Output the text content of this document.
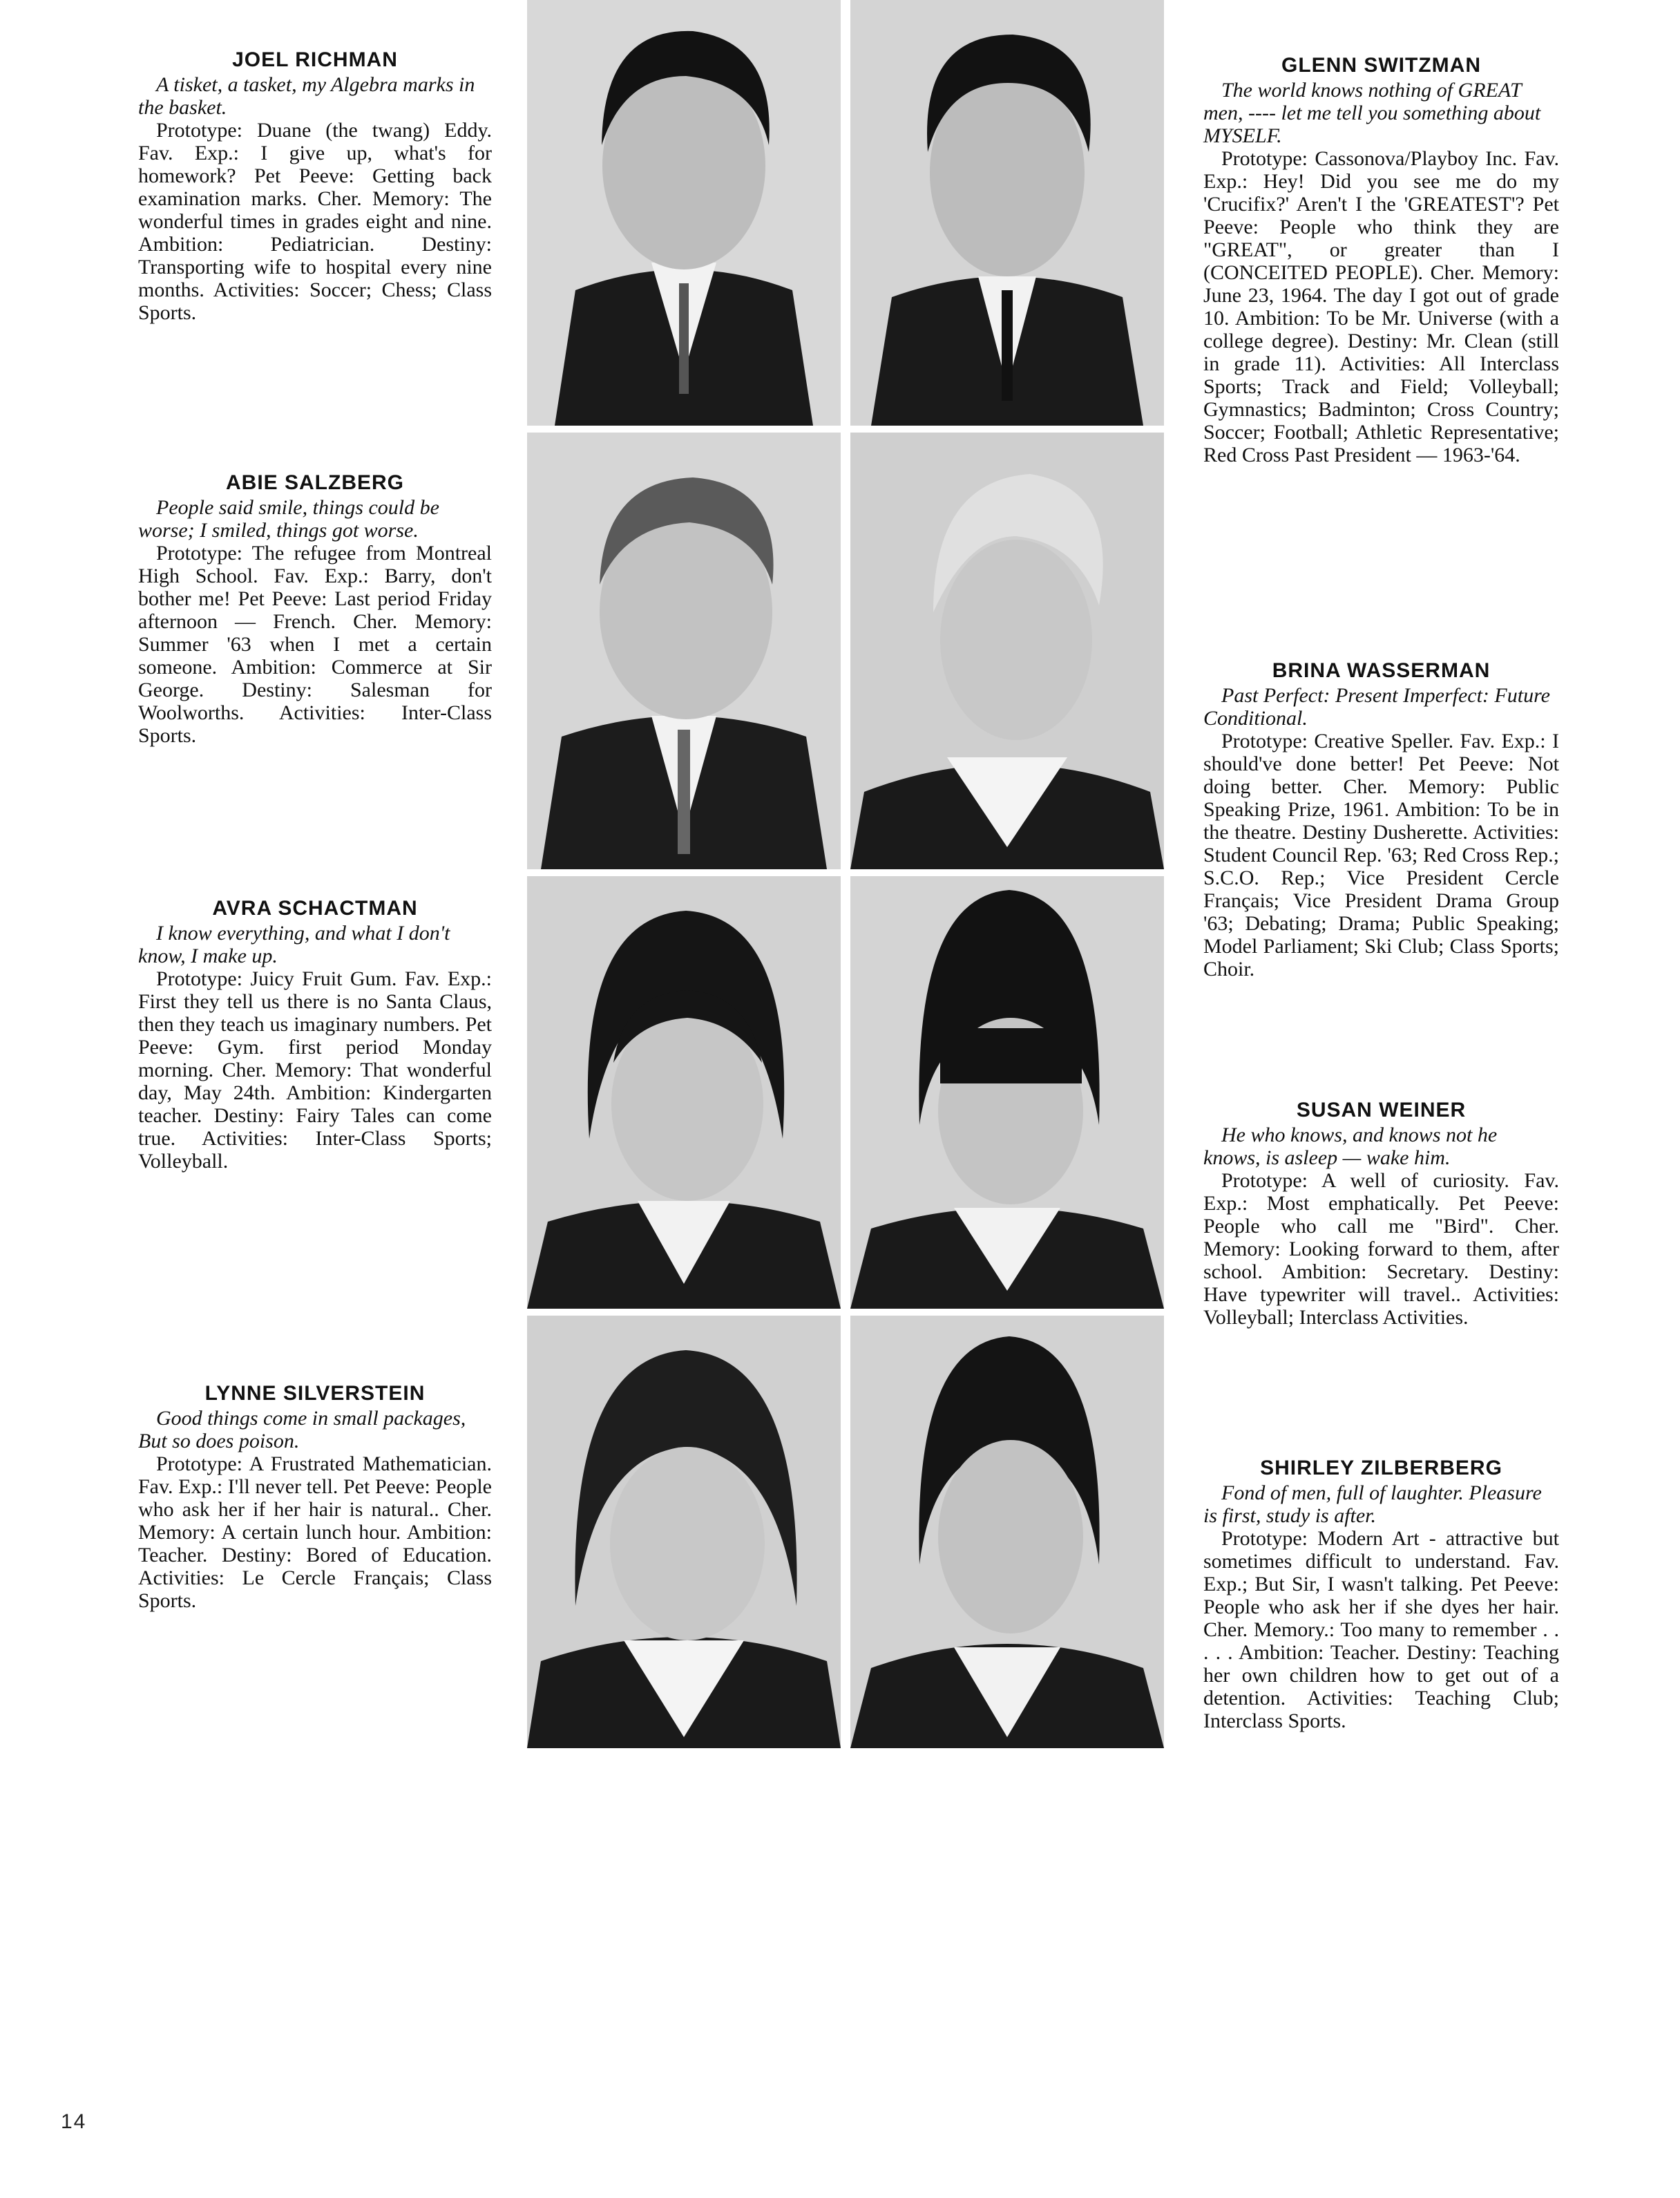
JOEL RICHMAN
A tisket, a tasket, my Algebra marks in the basket.
Prototype: Duane (the twang) Eddy. Fav. Exp.: I give up, what's for homework? Pet Peeve: Getting back examination marks. Cher. Memory: The wonderful times in grades eight and nine. Ambition: Pediatrician. Destiny: Transporting wife to hospital every nine months. Activities: Soccer; Chess; Class Sports.
ABIE SALZBERG
People said smile, things could be worse; I smiled, things got worse.
Prototype: The refugee from Montreal High School. Fav. Exp.: Barry, don't bother me! Pet Peeve: Last period Friday afternoon — French. Cher. Memory: Summer '63 when I met a certain someone. Ambition: Commerce at Sir George. Destiny: Salesman for Woolworths. Activities: Inter-Class Sports.
AVRA SCHACTMAN
I know everything, and what I don't know, I make up.
Prototype: Juicy Fruit Gum. Fav. Exp.: First they tell us there is no Santa Claus, then they teach us imaginary numbers. Pet Peeve: Gym. first period Monday morning. Cher. Memory: That wonderful day, May 24th. Ambition: Kindergarten teacher. Destiny: Fairy Tales can come true. Activities: Inter-Class Sports; Volleyball.
LYNNE SILVERSTEIN
Good things come in small packages, But so does poison.
Prototype: A Frustrated Mathematician. Fav. Exp.: I'll never tell. Pet Peeve: People who ask her if her hair is natural.. Cher. Memory: A certain lunch hour. Ambition: Teacher. Destiny: Bored of Education. Activities: Le Cercle Français; Class Sports.
GLENN SWITZMAN
The world knows nothing of GREAT men, ---- let me tell you something about MYSELF.
Prototype: Cassonova/Playboy Inc. Fav. Exp.: Hey! Did you see me do my 'Crucifix?' Aren't I the 'GREATEST'? Pet Peeve: People who think they are "GREAT", or greater than I (CONCEITED PEOPLE). Cher. Memory: June 23, 1964. The day I got out of grade 10. Ambition: To be Mr. Universe (with a college degree). Destiny: Mr. Clean (still in grade 11). Activities: All Interclass Sports; Track and Field; Volleyball; Gymnastics; Badminton; Cross Country; Soccer; Football; Athletic Representative; Red Cross Past President — 1963-'64.
BRINA WASSERMAN
Past Perfect: Present Imperfect: Future Conditional.
Prototype: Creative Speller. Fav. Exp.: I should've done better! Pet Peeve: Not doing better. Cher. Memory: Public Speaking Prize, 1961. Ambition: To be in the theatre. Destiny Dusherette. Activities: Student Council Rep. '63; Red Cross Rep.; S.C.O. Rep.; Vice President Cercle Français; Vice President Drama Group '63; Debating; Drama; Public Speaking; Model Parliament; Ski Club; Class Sports; Choir.
SUSAN WEINER
He who knows, and knows not he knows, is asleep — wake him.
Prototype: A well of curiosity. Fav. Exp.: Most emphatically. Pet Peeve: People who call me "Bird". Cher. Memory: Looking forward to them, after school. Ambition: Secretary. Destiny: Have typewriter will travel.. Activities: Volleyball; Interclass Activities.
SHIRLEY ZILBERBERG
Fond of men, full of laughter. Pleasure is first, study is after.
Prototype: Modern Art - attractive but sometimes difficult to understand. Fav. Exp.; But Sir, I wasn't talking. Pet Peeve: People who ask her if she dyes her hair. Cher. Memory.: Too many to remember . . . . . Ambition: Teacher. Destiny: Teaching her own children how to get out of a detention. Activities: Teaching Club; Interclass Sports.
14
